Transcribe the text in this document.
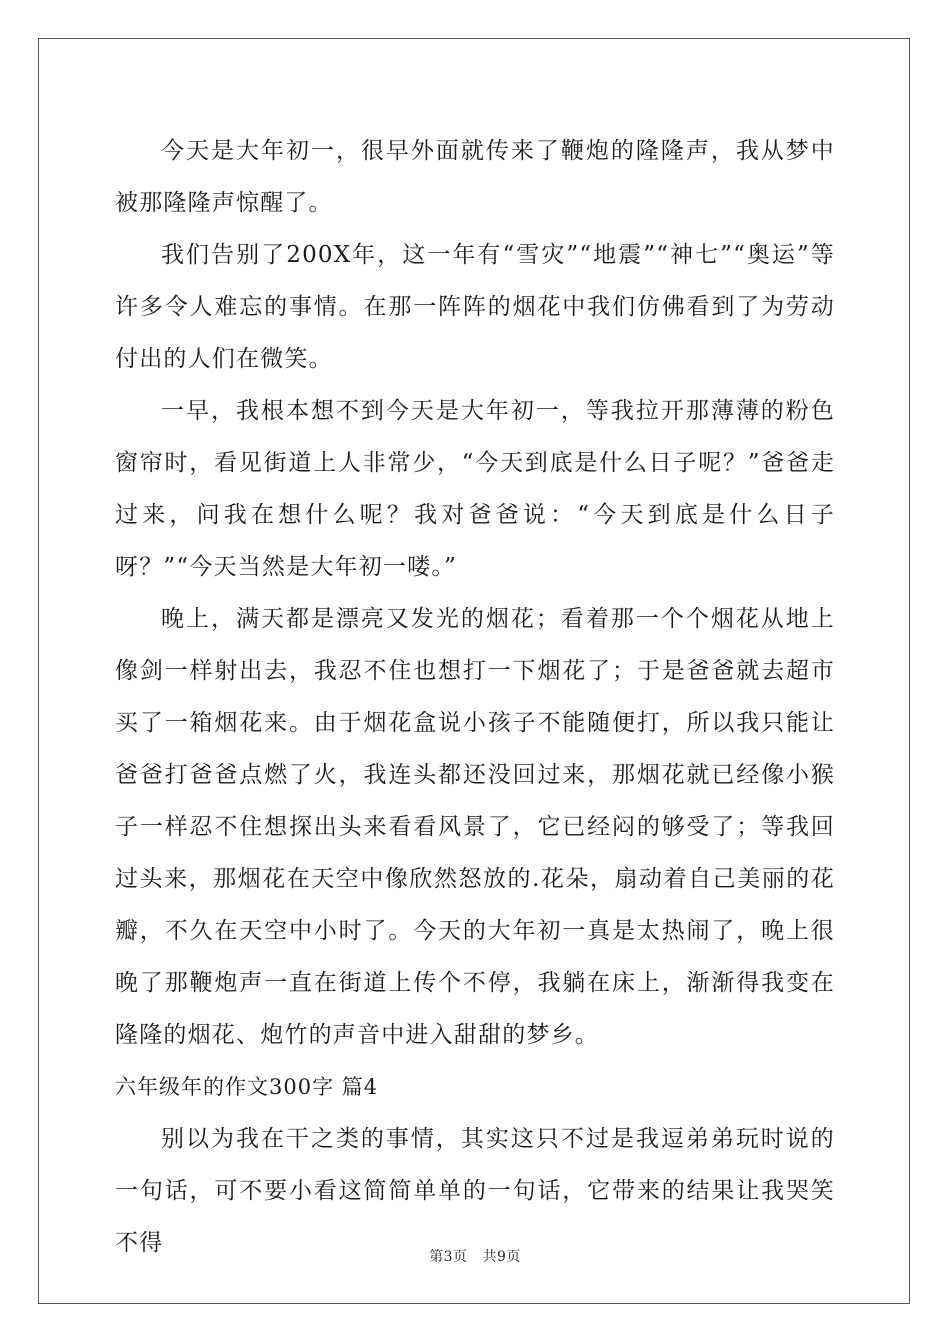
今天是大年初一，很早外面就传来了鞭炮的隆隆声，我从梦中被那隆隆声惊醒了。

我们告别了200X年，这一年有“雪灾”“地震”“神七”“奥运”等许多令人难忘的事情。在那一阵阵的烟花中我们仿佛看到了为劳动付出的人们在微笑。

一早，我根本想不到今天是大年初一，等我拉开那薄薄的粉色窗帘时，看见街道上人非常少，“今天到底是什么日子呢？”爸爸走过来，问我在想什么呢？我对爸爸说：“今天到底是什么日子呀？”“今天当然是大年初一喽。”

晚上，满天都是漂亮又发光的烟花；看着那一个个烟花从地上像剑一样射出去，我忍不住也想打一下烟花了；于是爸爸就去超市买了一箱烟花来。由于烟花盒说小孩子不能随便打，所以我只能让爸爸打爸爸点燃了火，我连头都还没回过来，那烟花就已经像小猴子一样忍不住想探出头来看看风景了，它已经闷的够受了；等我回过头来，那烟花在天空中像欣然怒放的.花朵，扇动着自己美丽的花瓣，不久在天空中小时了。今天的大年初一真是太热闹了，晚上很晚了那鞭炮声一直在街道上传个不停，我躺在床上，渐渐得我变在隆隆的烟花、炮竹的声音中进入甜甜的梦乡。

六年级年的作文300字 篇4

别以为我在干之类的事情，其实这只不过是我逗弟弟玩时说的一句话，可不要小看这简简单单的一句话，它带来的结果让我哭笑不得

第3页 共9页
